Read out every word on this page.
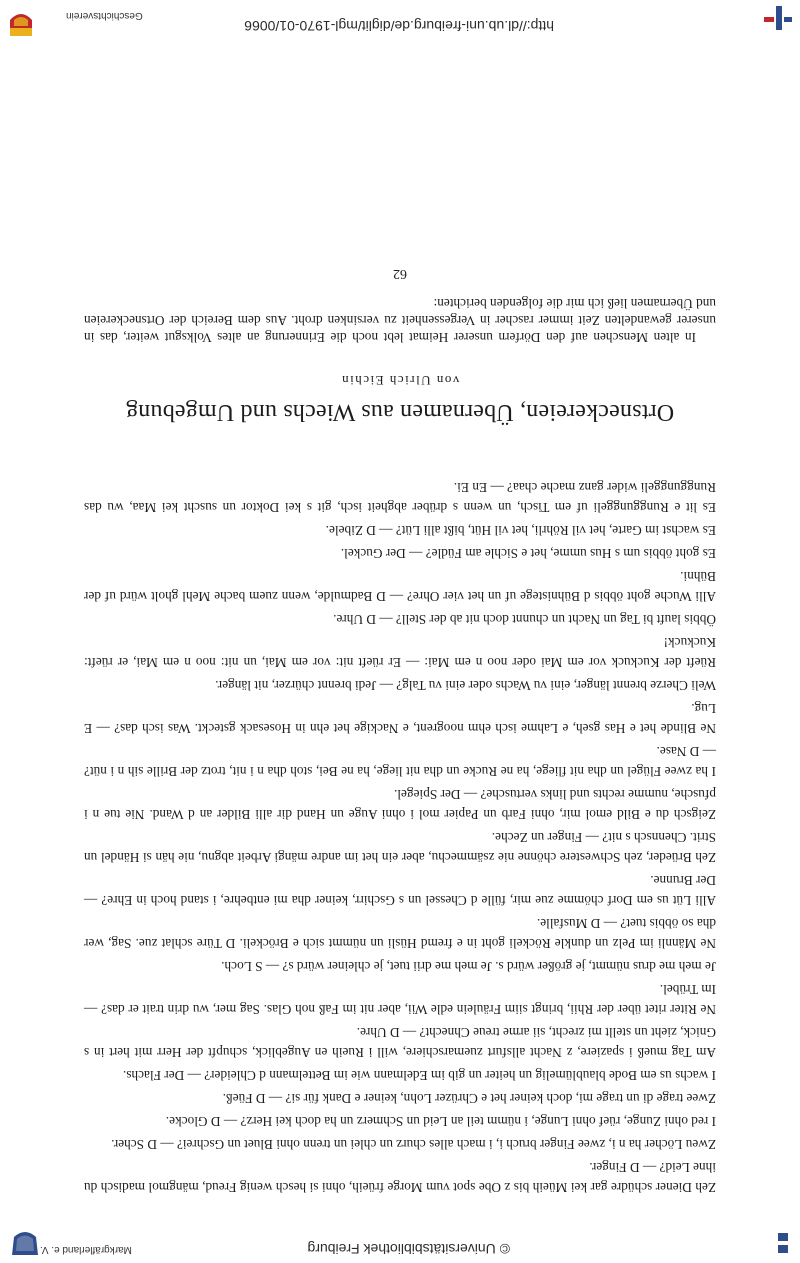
© Universitätsbibliothek Freiburg
Markgräflerland e. V.

Zeh Diener schüdre gar kei Müeih bis z Obe spot vum Morge früeih, ohni si hesch wenig Freud, mängmol madisch du ihne Leid? — D Finger.

Zweu Löcher ha n i, zwee Finger bruch i, i mach alles churz un chlei un trenn ohni Bluet un Gschrei? — D Scher.

I red ohni Zunge, rüef ohni Lunge, i nümm teil an Leid un Schmerz un ha doch kei Herz? — D Glocke.

Zwee trage di un trage mi, doch keiner het e Chrüzer Lohn, keiner e Dank für si? — D Füeß.

I wachs us em Bode blaublümelig un heiter un gib im Edelmann wie im Bettelmann d Chleider? — Der Flachs.

Am Tag mueß i spaziere, z Nacht allsfurt zuemarschiere, will i Rueih en Augeblick, schupft der Herr mit hert in s Gnick, zieht un stellt mi zrecht, sii arme treue Chnecht? — D Uhre.

Ne Riter ritet über der Rhii, bringt siim Fräulein edle Wii, aber nit im Faß noh Glas. Sag mer, wu drin trait er das? — Im Trübel.

Je meh me drus nümmt, je größer würd s. Je meh me drii tuet, je chleiner würd s? — S Loch.

Ne Männli im Pelz un dunkle Röckeli goht in e fremd Hüsli un nümmt sich e Bröckeli. D Türe schlat zue. Sag, wer dha so öbbis tuet? — D Musfalle.

Alli Lüt us em Dorf chömme zue mir, fülle d Chessel un s Gschirr, keiner dha mi entbehre, i stand hoch in Ehre? — Der Brunne.

Zeh Brüeder, zeh Schwestere chönne nie zsämmechu, aber ein het im andre mängi Arbeit abgnu, nie hän si Händel un Strit. Chennsch s nit? — Finger un Zeche.

Zeigsch du e Bild emol mir, ohni Farb un Papier mol i ohni Auge un Hand dir alli Bilder an d Wand. Nie tue n i pfusche, numme rechts und links vertusche? — Der Spiegel.

I ha zwee Flügel un dha nit fliege, ha ne Rucke un dha nit liege, ha ne Bei, stoh dha n i nit, trotz der Brille sih n i nüt? — D Nase.

Ne Blinde het e Has gseh, e Lahme isch ehm noogrent, e Nackige het ehn in Hosesack gsteckt. Was isch das? — E Lug.

Weli Cherze brennt länger, eini vu Wachs oder eini vu Talg? — Jedi brennt chürzer, nit länger.

Rüeft der Kuckuck vor em Mai oder noo n em Mai: — Er rüeft nit: vor em Mai, un nit: noo n em Mai, er rüeft: Kuckuck!

Öbbis lauft bi Tag un Nacht un chunnt doch nit ab der Stell? — D Uhre.

Alli Wuche goht öbbis d Bühnistege uf un het vier Ohre? — D Badmulde, wenn zuem bache Mehl gholt würd uf der Bühni.

Es goht öbbis um s Hus umme, het e Sichle am Füdle? — Der Guckel.

Es wachst im Garte, het vil Röhrli, het vil Hüt, bißt alli Lüt? — D Zibele.

Es lit e Runggunggeli uf em Tisch, un wenn s drüber abgheit isch, git s kei Doktor un suscht kei Maa, wu das Runggunggeli wider ganz mache chaa? — En Ei.

Ortsneckereien, Übernamen aus Wiechs und Umgebung
von Ulrich Eichin

In alten Menschen auf den Dörfern unserer Heimat lebt noch die Erinnerung an altes Volksgut weiter, das in unserer gewandelten Zeit immer rascher in Vergessenheit zu versinken droht. Aus dem Bereich der Ortsneckereien und Übernamen ließ ich mir die folgenden berichten:

62
http://dl.ub.uni-freiburg.de/diglit/mgl-1970-01/0066
Geschichtsverein
